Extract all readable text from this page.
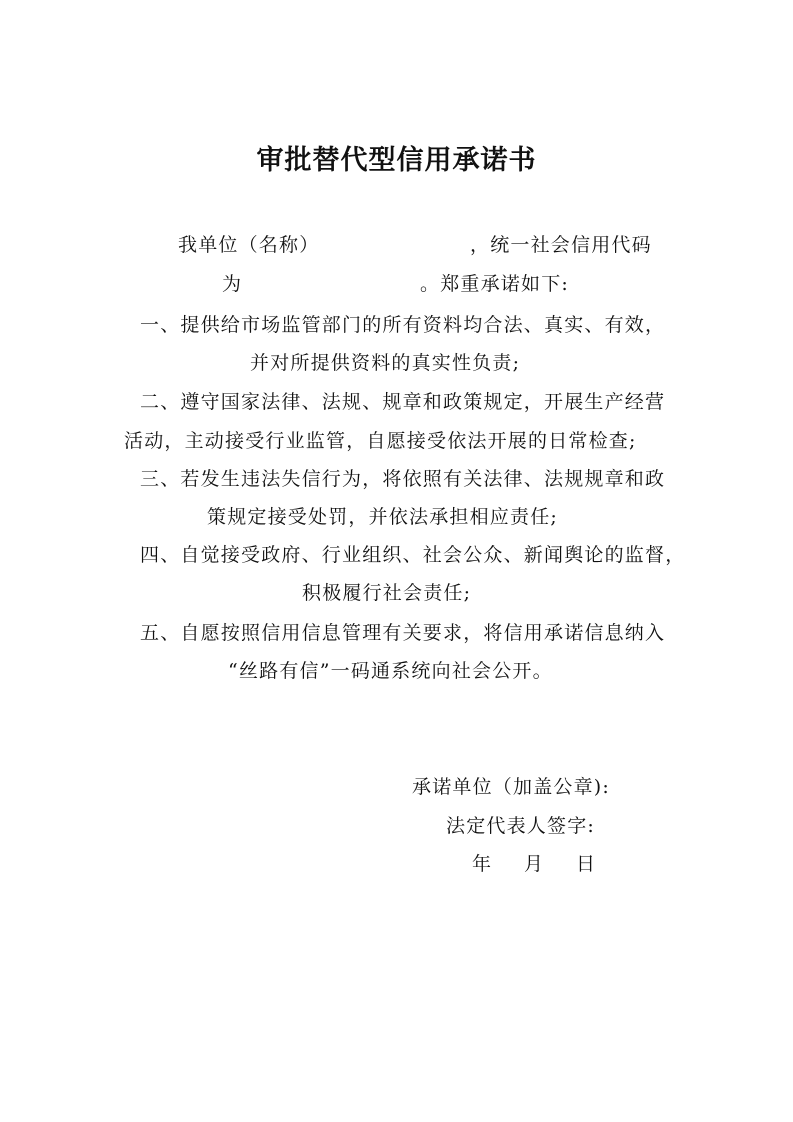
审批替代型信用承诺书
我单位（名称）	，统一社会信用代码
为	。郑重承诺如下:
一、提供给市场监管部门的所有资料均合法、真实、有效，
并对所提供资料的真实性负责;
二、遵守国家法律、法规、规章和政策规定，开展生产经营
活动，主动接受行业监管，自愿接受依法开展的日常检查;
三、若发生违法失信行为，将依照有关法律、法规规章和政
策规定接受处罚，并依法承担相应责任;
四、自觉接受政府、行业组织、社会公众、新闻舆论的监督，
积极履行社会责任;
五、自愿按照信用信息管理有关要求，将信用承诺信息纳入
“丝路有信”一码通系统向社会公开。
承诺单位（加盖公章):
法定代表人签字:
年 月 日
